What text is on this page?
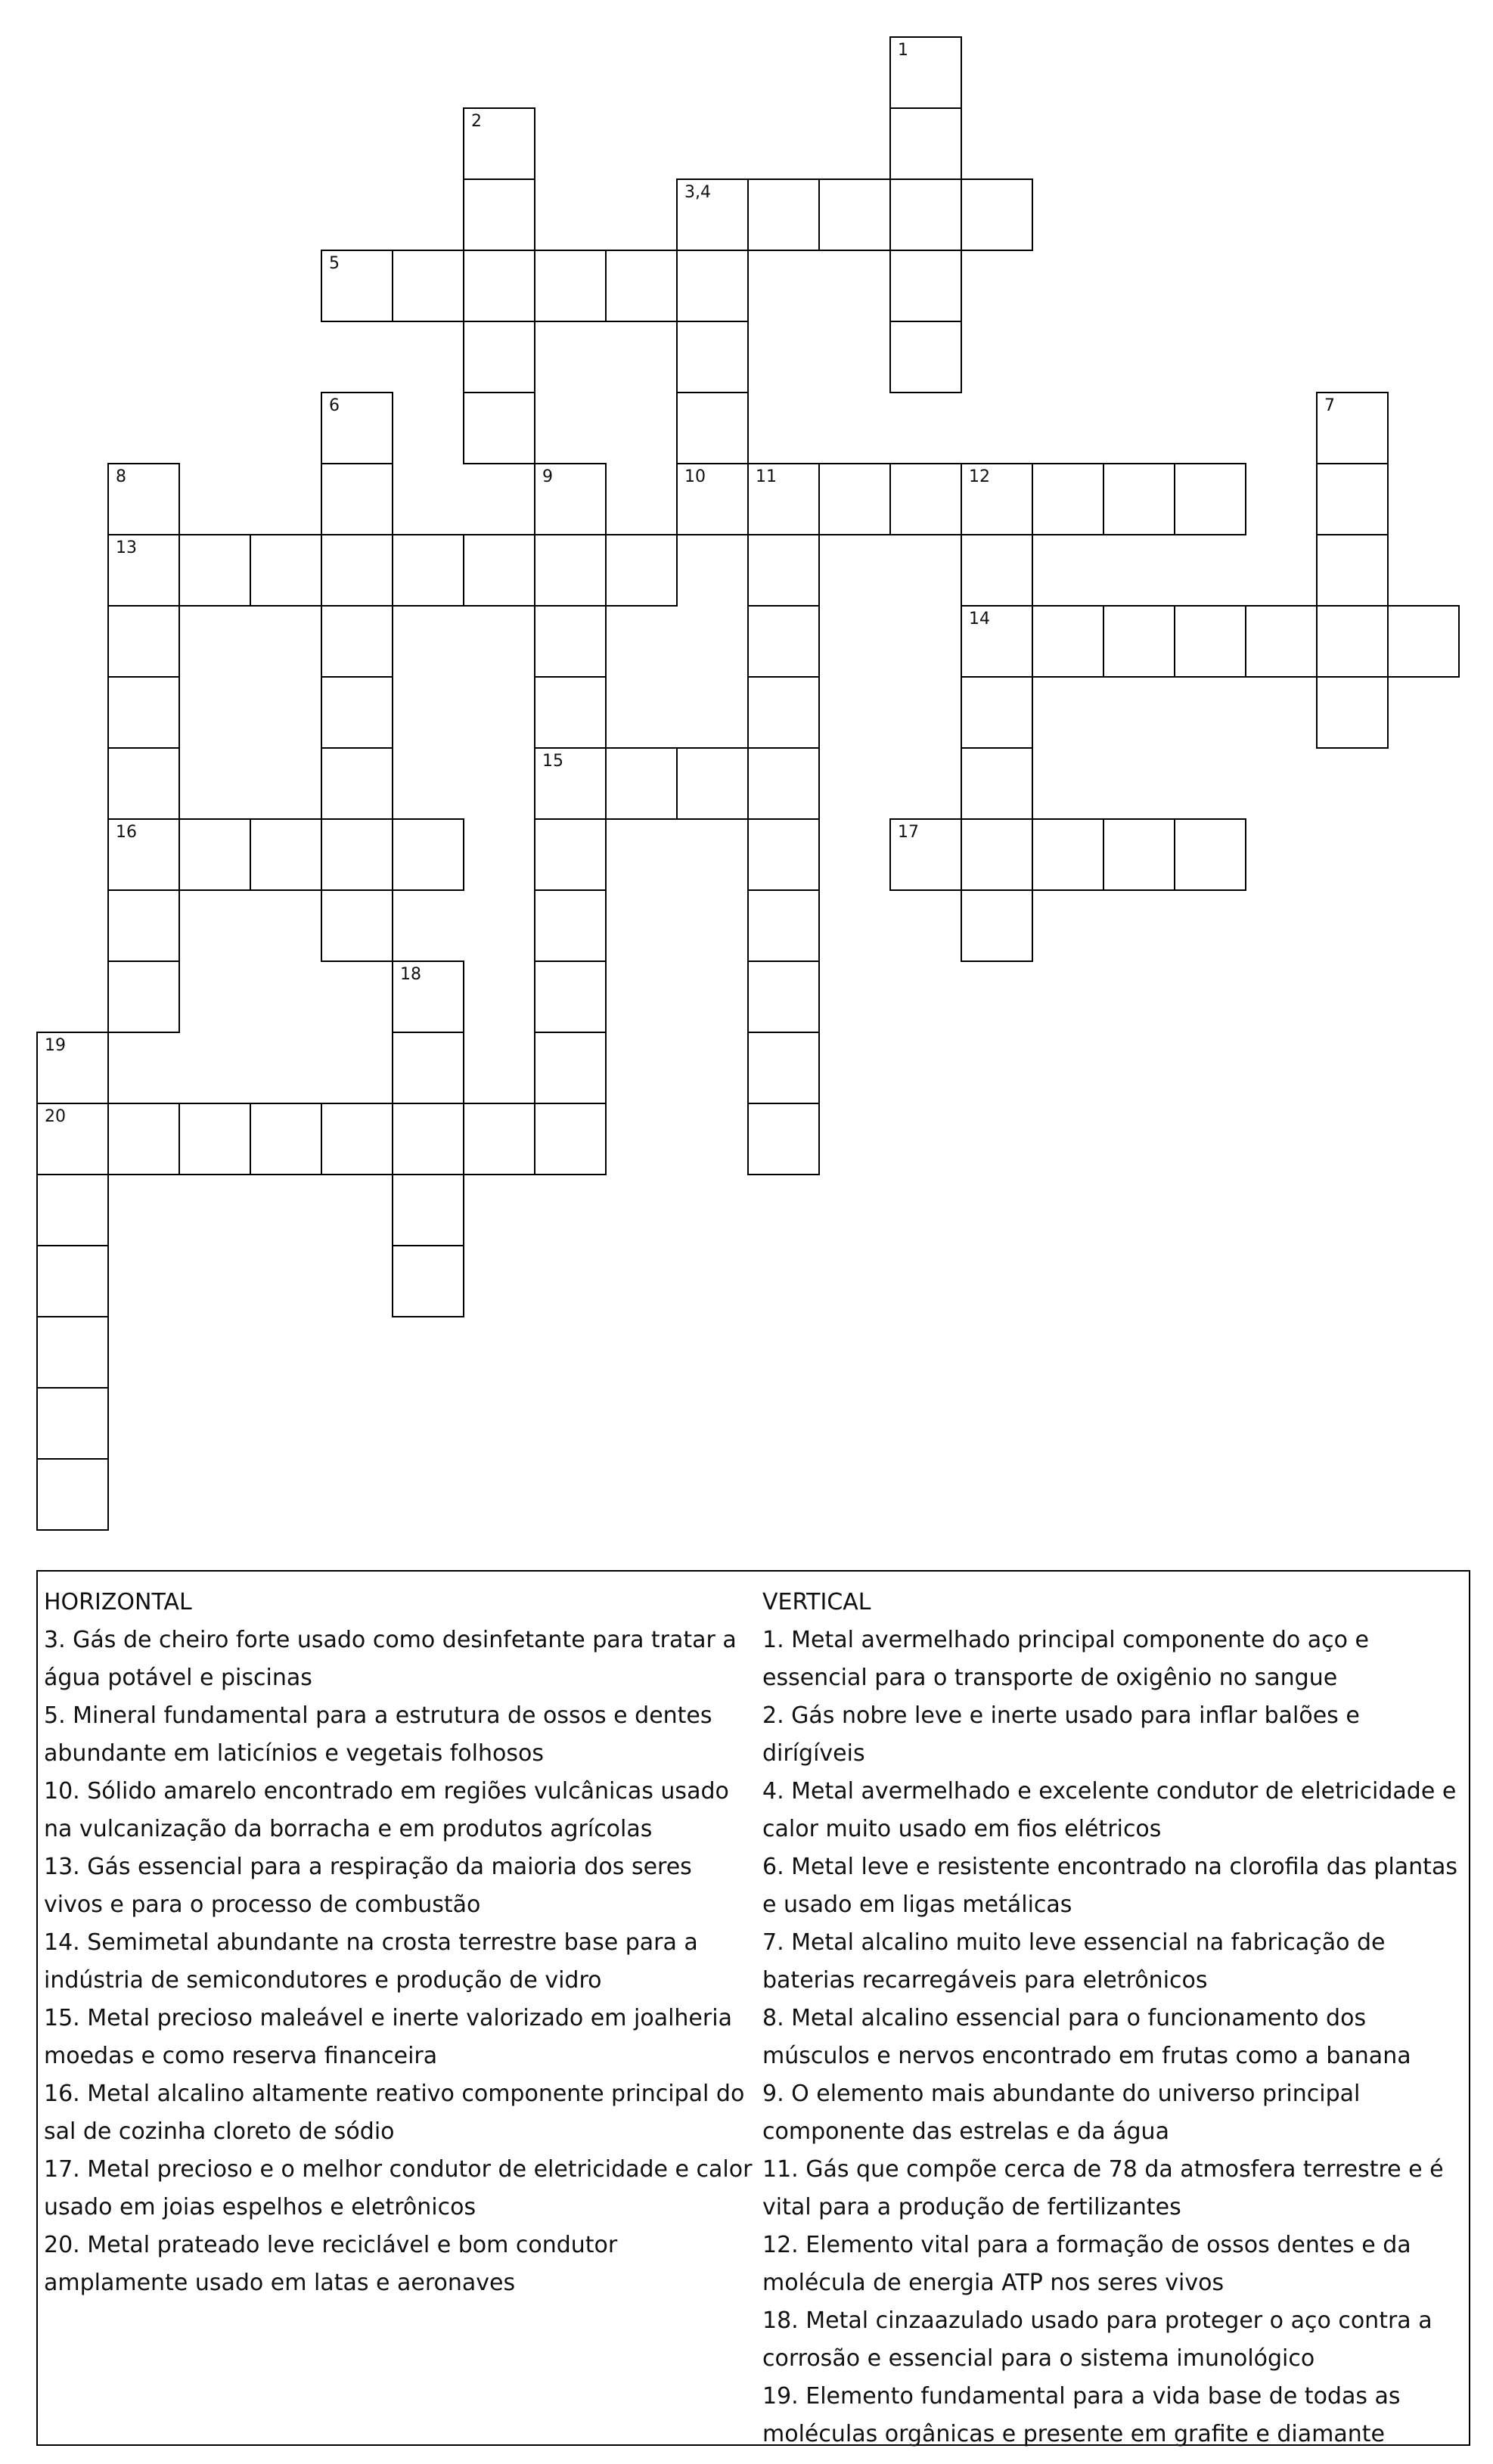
1
2
3,4
5
6	7
8
13
16
9
15
10	11	12
14
17
18
19
20

HORIZONTAL

3. Gás de cheiro forte usado como desinfetante para tratar a água potável e piscinas

5. Mineral fundamental para a estrutura de ossos e dentes abundante em laticínios e vegetais folhosos

10. Sólido amarelo encontrado em regiões vulcânicas usado na vulcanização da borracha e em produtos agrícolas

13. Gás essencial para a respiração da maioria dos seres vivos e para o processo de combustão

14. Semimetal abundante na crosta terrestre base para a indústria de semicondutores e produção de vidro

15. Metal precioso maleável e inerte valorizado em joalheria moedas e como reserva financeira

16. Metal alcalino altamente reativo componente principal do sal de cozinha cloreto de sódio

17. Metal precioso e o melhor condutor de eletricidade e calor usado em joias espelhos e eletrônicos

20. Metal prateado leve reciclável e bom condutor amplamente usado em latas e aeronaves

VERTICAL

1. Metal avermelhado principal componente do aço e essencial para o transporte de oxigênio no sangue

2. Gás nobre leve e inerte usado para inflar balões e dirígíveis

4. Metal avermelhado e excelente condutor de eletricidade e calor muito usado em fios elétricos

6. Metal leve e resistente encontrado na clorofila das plantas e usado em ligas metálicas

7. Metal alcalino muito leve essencial na fabricação de baterias recarregáveis para eletrônicos

8. Metal alcalino essencial para o funcionamento dos músculos e nervos encontrado em frutas como a banana

9. O elemento mais abundante do universo principal componente das estrelas e da água

11. Gás que compõe cerca de 78 da atmosfera terrestre e é vital para a produção de fertilizantes

12. Elemento vital para a formação de ossos dentes e da molécula de energia ATP nos seres vivos

18. Metal cinzaazulado usado para proteger o aço contra a corrosão e essencial para o sistema imunológico

19. Elemento fundamental para a vida base de todas as moléculas orgânicas e presente em grafite e diamante
